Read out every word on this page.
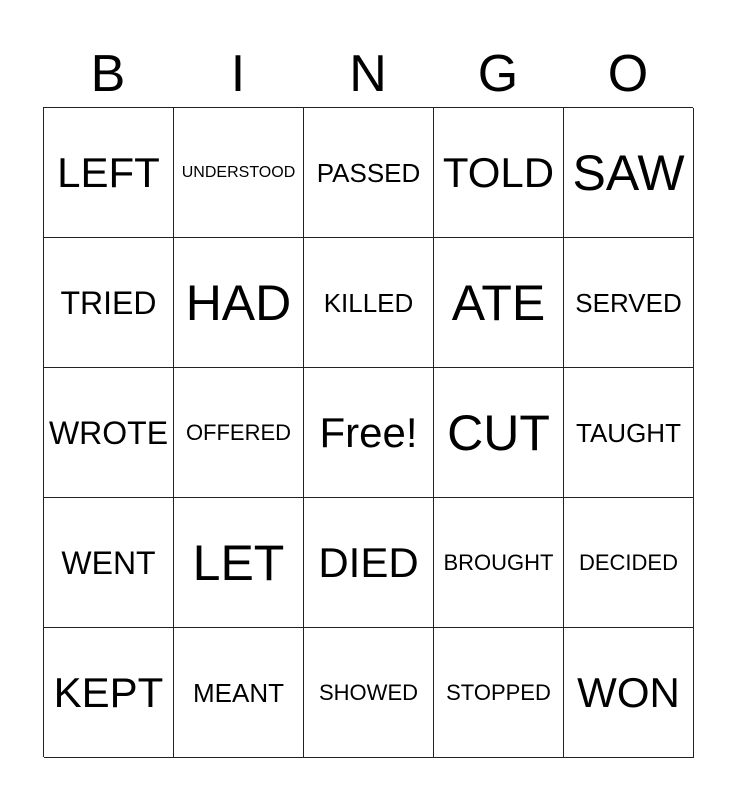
B	I	N	G	O
LEFT UNDERSTOOD PASSED TOLD SAW
TRIED HAD KILLED ATE SERVED
WROTE OFFERED Free! CUT TAUGHT
WENT LET DIED BROUGHT DECIDED
KEPT MEANT SHOWED STOPPED WON
